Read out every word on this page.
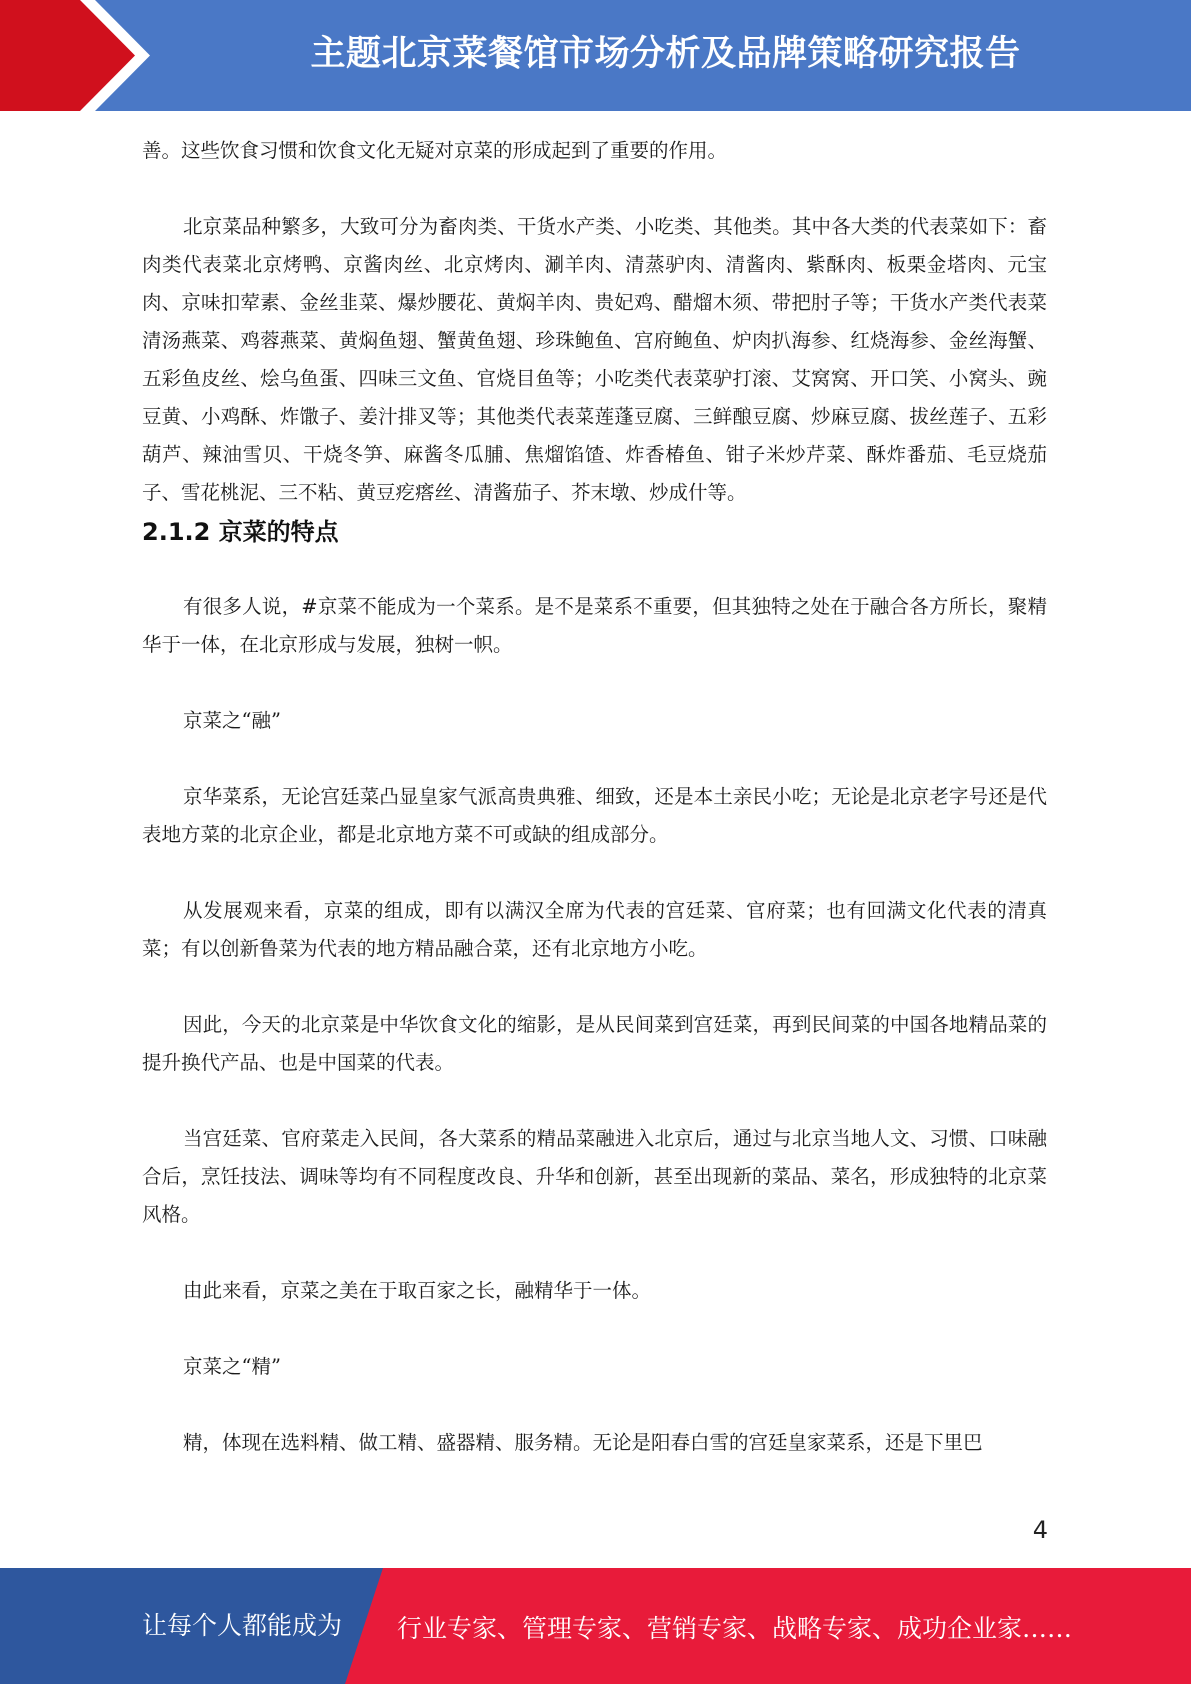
主题北京菜餐馆市场分析及品牌策略研究报告

善。这些饮食习惯和饮食文化无疑对京菜的形成起到了重要的作用。

北京菜品种繁多，大致可分为畜肉类、干货水产类、小吃类、其他类。其中各大类的代表菜如下：畜肉类代表菜北京烤鸭、京酱肉丝、北京烤肉、涮羊肉、清蒸驴肉、清酱肉、紫酥肉、板栗金塔肉、元宝肉、京味扣荤素、金丝韭菜、爆炒腰花、黄焖羊肉、贵妃鸡、醋熘木须、带把肘子等；干货水产类代表菜清汤燕菜、鸡蓉燕菜、黄焖鱼翅、蟹黄鱼翅、珍珠鲍鱼、宫府鲍鱼、炉肉扒海参、红烧海参、金丝海蟹、五彩鱼皮丝、烩乌鱼蛋、四味三文鱼、官烧目鱼等；小吃类代表菜驴打滚、艾窝窝、开口笑、小窝头、豌豆黄、小鸡酥、炸馓子、姜汁排叉等；其他类代表菜莲蓬豆腐、三鲜酿豆腐、炒麻豆腐、拔丝莲子、五彩葫芦、辣油雪贝、干烧冬笋、麻酱冬瓜脯、焦熘馅馇、炸香椿鱼、钳子米炒芹菜、酥炸番茄、毛豆烧茄子、雪花桃泥、三不粘、黄豆疙瘩丝、清酱茄子、芥末墩、炒成什等。

2.1.2 京菜的特点

有很多人说，#京菜不能成为一个菜系。是不是菜系不重要，但其独特之处在于融合各方所长，聚精华于一体，在北京形成与发展，独树一帜。

京菜之“融”

京华菜系，无论宫廷菜凸显皇家气派高贵典雅、细致，还是本土亲民小吃；无论是北京老字号还是代表地方菜的北京企业，都是北京地方菜不可或缺的组成部分。

从发展观来看，京菜的组成，即有以满汉全席为代表的宫廷菜、官府菜；也有回满文化代表的清真菜；有以创新鲁菜为代表的地方精品融合菜，还有北京地方小吃。

因此，今天的北京菜是中华饮食文化的缩影，是从民间菜到宫廷菜，再到民间菜的中国各地精品菜的提升换代产品、也是中国菜的代表。

当宫廷菜、官府菜走入民间，各大菜系的精品菜融进入北京后，通过与北京当地人文、习惯、口味融合后，烹饪技法、调味等均有不同程度改良、升华和创新，甚至出现新的菜品、菜名，形成独特的北京菜风格。

由此来看，京菜之美在于取百家之长，融精华于一体。

京菜之“精”

精，体现在选料精、做工精、盛器精、服务精。无论是阳春白雪的宫廷皇家菜系，还是下里巴

4
让每个人都能成为 行业专家、管理专家、营销专家、战略专家、成功企业家……
